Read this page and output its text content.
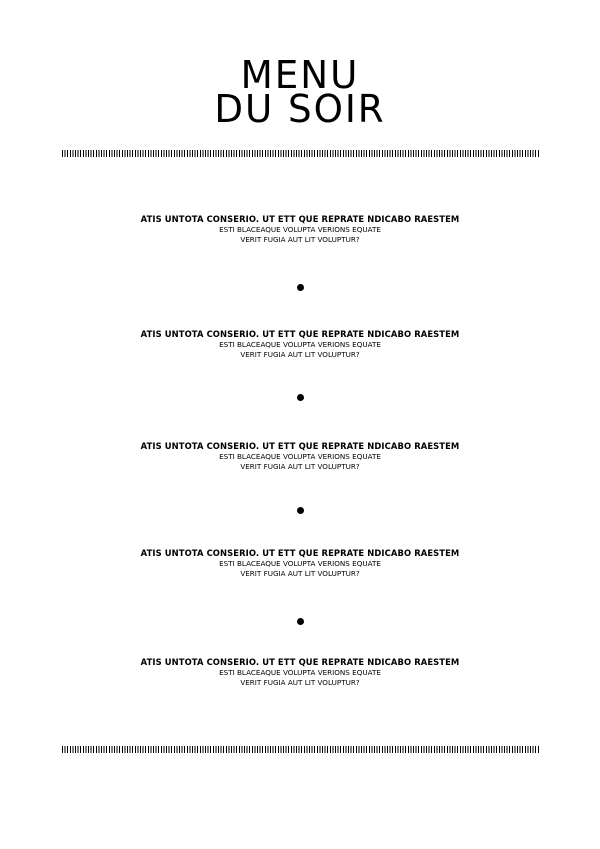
MENU
DU SOIR
ATIS UNTOTA CONSERIO. UT ETT QUE REPRATE NDICABO RAESTEM
ESTI BLACEAQUE VOLUPTA VERIONS EQUATE
VERIT FUGIA AUT LIT VOLUPTUR?
ATIS UNTOTA CONSERIO. UT ETT QUE REPRATE NDICABO RAESTEM
ESTI BLACEAQUE VOLUPTA VERIONS EQUATE
VERIT FUGIA AUT LIT VOLUPTUR?
ATIS UNTOTA CONSERIO. UT ETT QUE REPRATE NDICABO RAESTEM
ESTI BLACEAQUE VOLUPTA VERIONS EQUATE
VERIT FUGIA AUT LIT VOLUPTUR?
ATIS UNTOTA CONSERIO. UT ETT QUE REPRATE NDICABO RAESTEM
ESTI BLACEAQUE VOLUPTA VERIONS EQUATE
VERIT FUGIA AUT LIT VOLUPTUR?
ATIS UNTOTA CONSERIO. UT ETT QUE REPRATE NDICABO RAESTEM
ESTI BLACEAQUE VOLUPTA VERIONS EQUATE
VERIT FUGIA AUT LIT VOLUPTUR?
